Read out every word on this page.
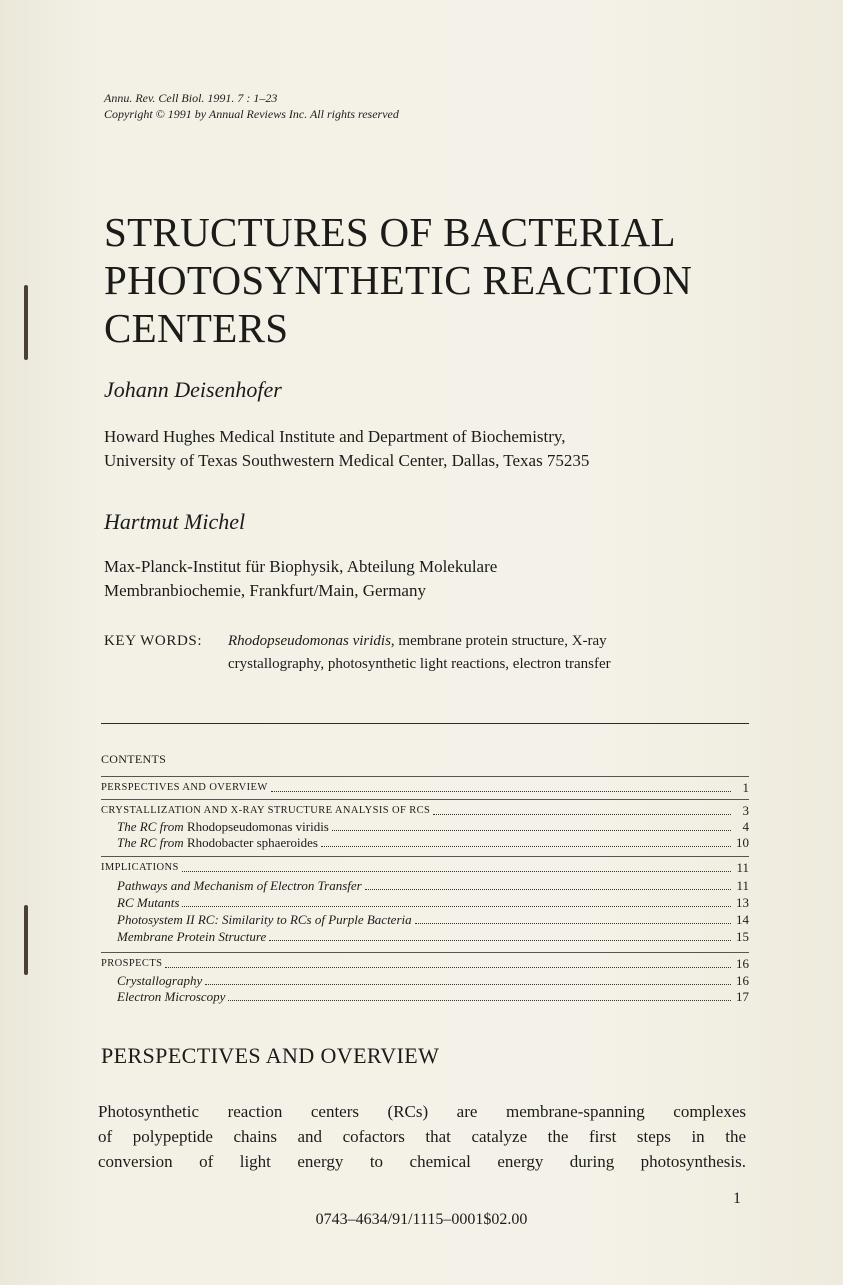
Annu. Rev. Cell Biol. 1991. 7 : 1–23
Copyright © 1991 by Annual Reviews Inc. All rights reserved
STRUCTURES OF BACTERIAL
PHOTOSYNTHETIC REACTION
CENTERS
Johann Deisenhofer
Howard Hughes Medical Institute and Department of Biochemistry,
University of Texas Southwestern Medical Center, Dallas, Texas 75235
Hartmut Michel
Max-Planck-Institut für Biophysik, Abteilung Molekulare
Membranbiochemie, Frankfurt/Main, Germany
KEY WORDS: Rhodopseudomonas viridis, membrane protein structure, X-ray
crystallography, photosynthetic light reactions, electron transfer
CONTENTS
PERSPECTIVES AND OVERVIEW	1
CRYSTALLIZATION AND X-RAY STRUCTURE ANALYSIS OF RCS	3
The RC from Rhodopseudomonas viridis	4
The RC from Rhodobacter sphaeroides	10
IMPLICATIONS	11
Pathways and Mechanism of Electron Transfer	11
RC Mutants	13
Photosystem II RC: Similarity to RCs of Purple Bacteria	14
Membrane Protein Structure	15
PROSPECTS	16
Crystallography	16
Electron Microscopy	17
PERSPECTIVES AND OVERVIEW
Photosynthetic reaction centers (RCs) are membrane-spanning complexes
of polypeptide chains and cofactors that catalyze the first steps in the
conversion of light energy to chemical energy during photosynthesis.
1
0743–4634/91/1115–0001$02.00
